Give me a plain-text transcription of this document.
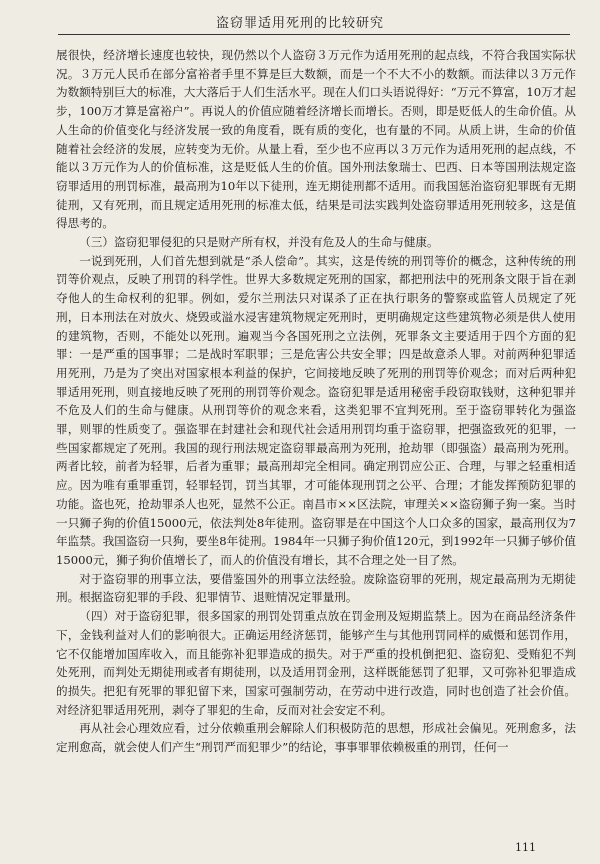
盗窃罪适用死刑的比较研究

展很快，经济增长速度也较快，现仍然以个人盗窃３万元作为适用死刑的起点线，不符合我国实际状况。３万元人民币在部分富裕者手里不算是巨大数额，而是一个不大不小的数额。而法律以３万元作为数额特别巨大的标准，大大落后于人们生活水平。现在人们口头语说得好：“万元不算富，10万才起步，100万才算是富裕户”。再说人的价值应随着经济增长而增长。否则，即是贬低人的生命价值。从人生命的价值变化与经济发展一致的角度看，既有质的变化，也有量的不同。从质上讲，生命的价值随着社会经济的发展，应转变为无价。从量上看，至少也不应再以３万元作为适用死刑的起点线，不能以３万元作为人的价值标准，这是贬低人生的价值。国外刑法象瑞士、巴西、日本等国刑法规定盗窃罪适用的刑罚标准，最高刑为10年以下徒刑，连无期徒刑都不适用。而我国惩治盗窃犯罪既有无期徒刑，又有死刑，而且规定适用死刑的标准太低，结果是司法实践判处盗窃罪适用死刑较多，这是值得思考的。

（三）盗窃犯罪侵犯的只是财产所有权，并没有危及人的生命与健康。

一说到死刑，人们首先想到就是“杀人偿命”。其实，这是传统的刑罚等价的概念，这种传统的刑罚等价观点，反映了刑罚的科学性。世界大多数规定死刑的国家，都把刑法中的死刑条文限于旨在剥夺他人的生命权利的犯罪。例如，爱尔兰刑法只对谋杀了正在执行职务的警察或监管人员规定了死刑，日本刑法在对放火、烧毁或溢水浸害建筑物规定死刑时，更明确规定这些建筑物必须是供人使用的建筑物，否则，不能处以死刑。遍观当今各国死刑之立法例，死罪条文主要适用于四个方面的犯罪：一是严重的国事罪；二是战时军职罪；三是危害公共安全罪；四是故意杀人罪。对前两种犯罪适用死刑，乃是为了突出对国家根本利益的保护，它间接地反映了死刑的刑罚等价观念；而对后两种犯罪适用死刑，则直接地反映了死刑的刑罚等价观念。盗窃犯罪是适用秘密手段窃取钱财，这种犯罪并不危及人们的生命与健康。从刑罚等价的观念来看，这类犯罪不宜判死刑。至于盗窃罪转化为强盗罪，则罪的性质变了。强盗罪在封建社会和现代社会适用刑罚均重于盗窃罪，把强盗致死的犯罪，一些国家都规定了死刑。我国的现行刑法规定盗窃罪最高刑为死刑，抢劫罪（即强盗）最高刑为死刑。两者比较，前者为轻罪，后者为重罪；最高刑却完全相同。确定刑罚应公正、合理，与罪之轻重相适应。因为唯有重罪重罚，轻罪轻罚，罚当其罪，才可能体现刑罚之公平、合理；才能发挥预防犯罪的功能。盗也死，抢劫罪杀人也死，显然不公正。南昌市××区法院，审理关××盗窃狮子狗一案。当时一只狮子狗的价值15000元，依法判处8年徒刑。盗窃罪是在中国这个人口众多的国家，最高刑仅为7年监禁。我国盗窃一只狗，要坐8年徒刑。1984年一只狮子狗价值120元，到1992年一只狮子够价值15000元，狮子狗价值增长了，而人的价值没有增长，其不合理之处一目了然。

对于盗窃罪的刑事立法，要借鉴国外的刑事立法经验。废除盗窃罪的死刑，规定最高刑为无期徒刑。根据盗窃犯罪的手段、犯罪情节、退赃情况定罪量刑。

（四）对于盗窃犯罪，很多国家的刑罚处罚重点放在罚金刑及短期监禁上。因为在商品经济条件下，金钱利益对人们的影响很大。正确运用经济惩罚，能够产生与其他刑罚同样的威慑和惩罚作用，它不仅能增加国库收入，而且能弥补犯罪造成的损失。对于严重的投机倒把犯、盗窃犯、受贿犯不判处死刑，而判处无期徒刑或者有期徒刑，以及适用罚金刑，这样既能惩罚了犯罪，又可弥补犯罪造成的损失。把犯有死罪的罪犯留下来，国家可强制劳动，在劳动中进行改造，同时也创造了社会价值。对经济犯罪适用死刑，剥夺了罪犯的生命，反而对社会安定不利。

再从社会心理效应看，过分依赖重刑会解除人们积极防范的思想，形成社会偏见。死刑愈多，法定刑愈高，就会使人们产生“刑罚严而犯罪少”的结论，事事罪罪依赖极重的刑罚，任何一

111
